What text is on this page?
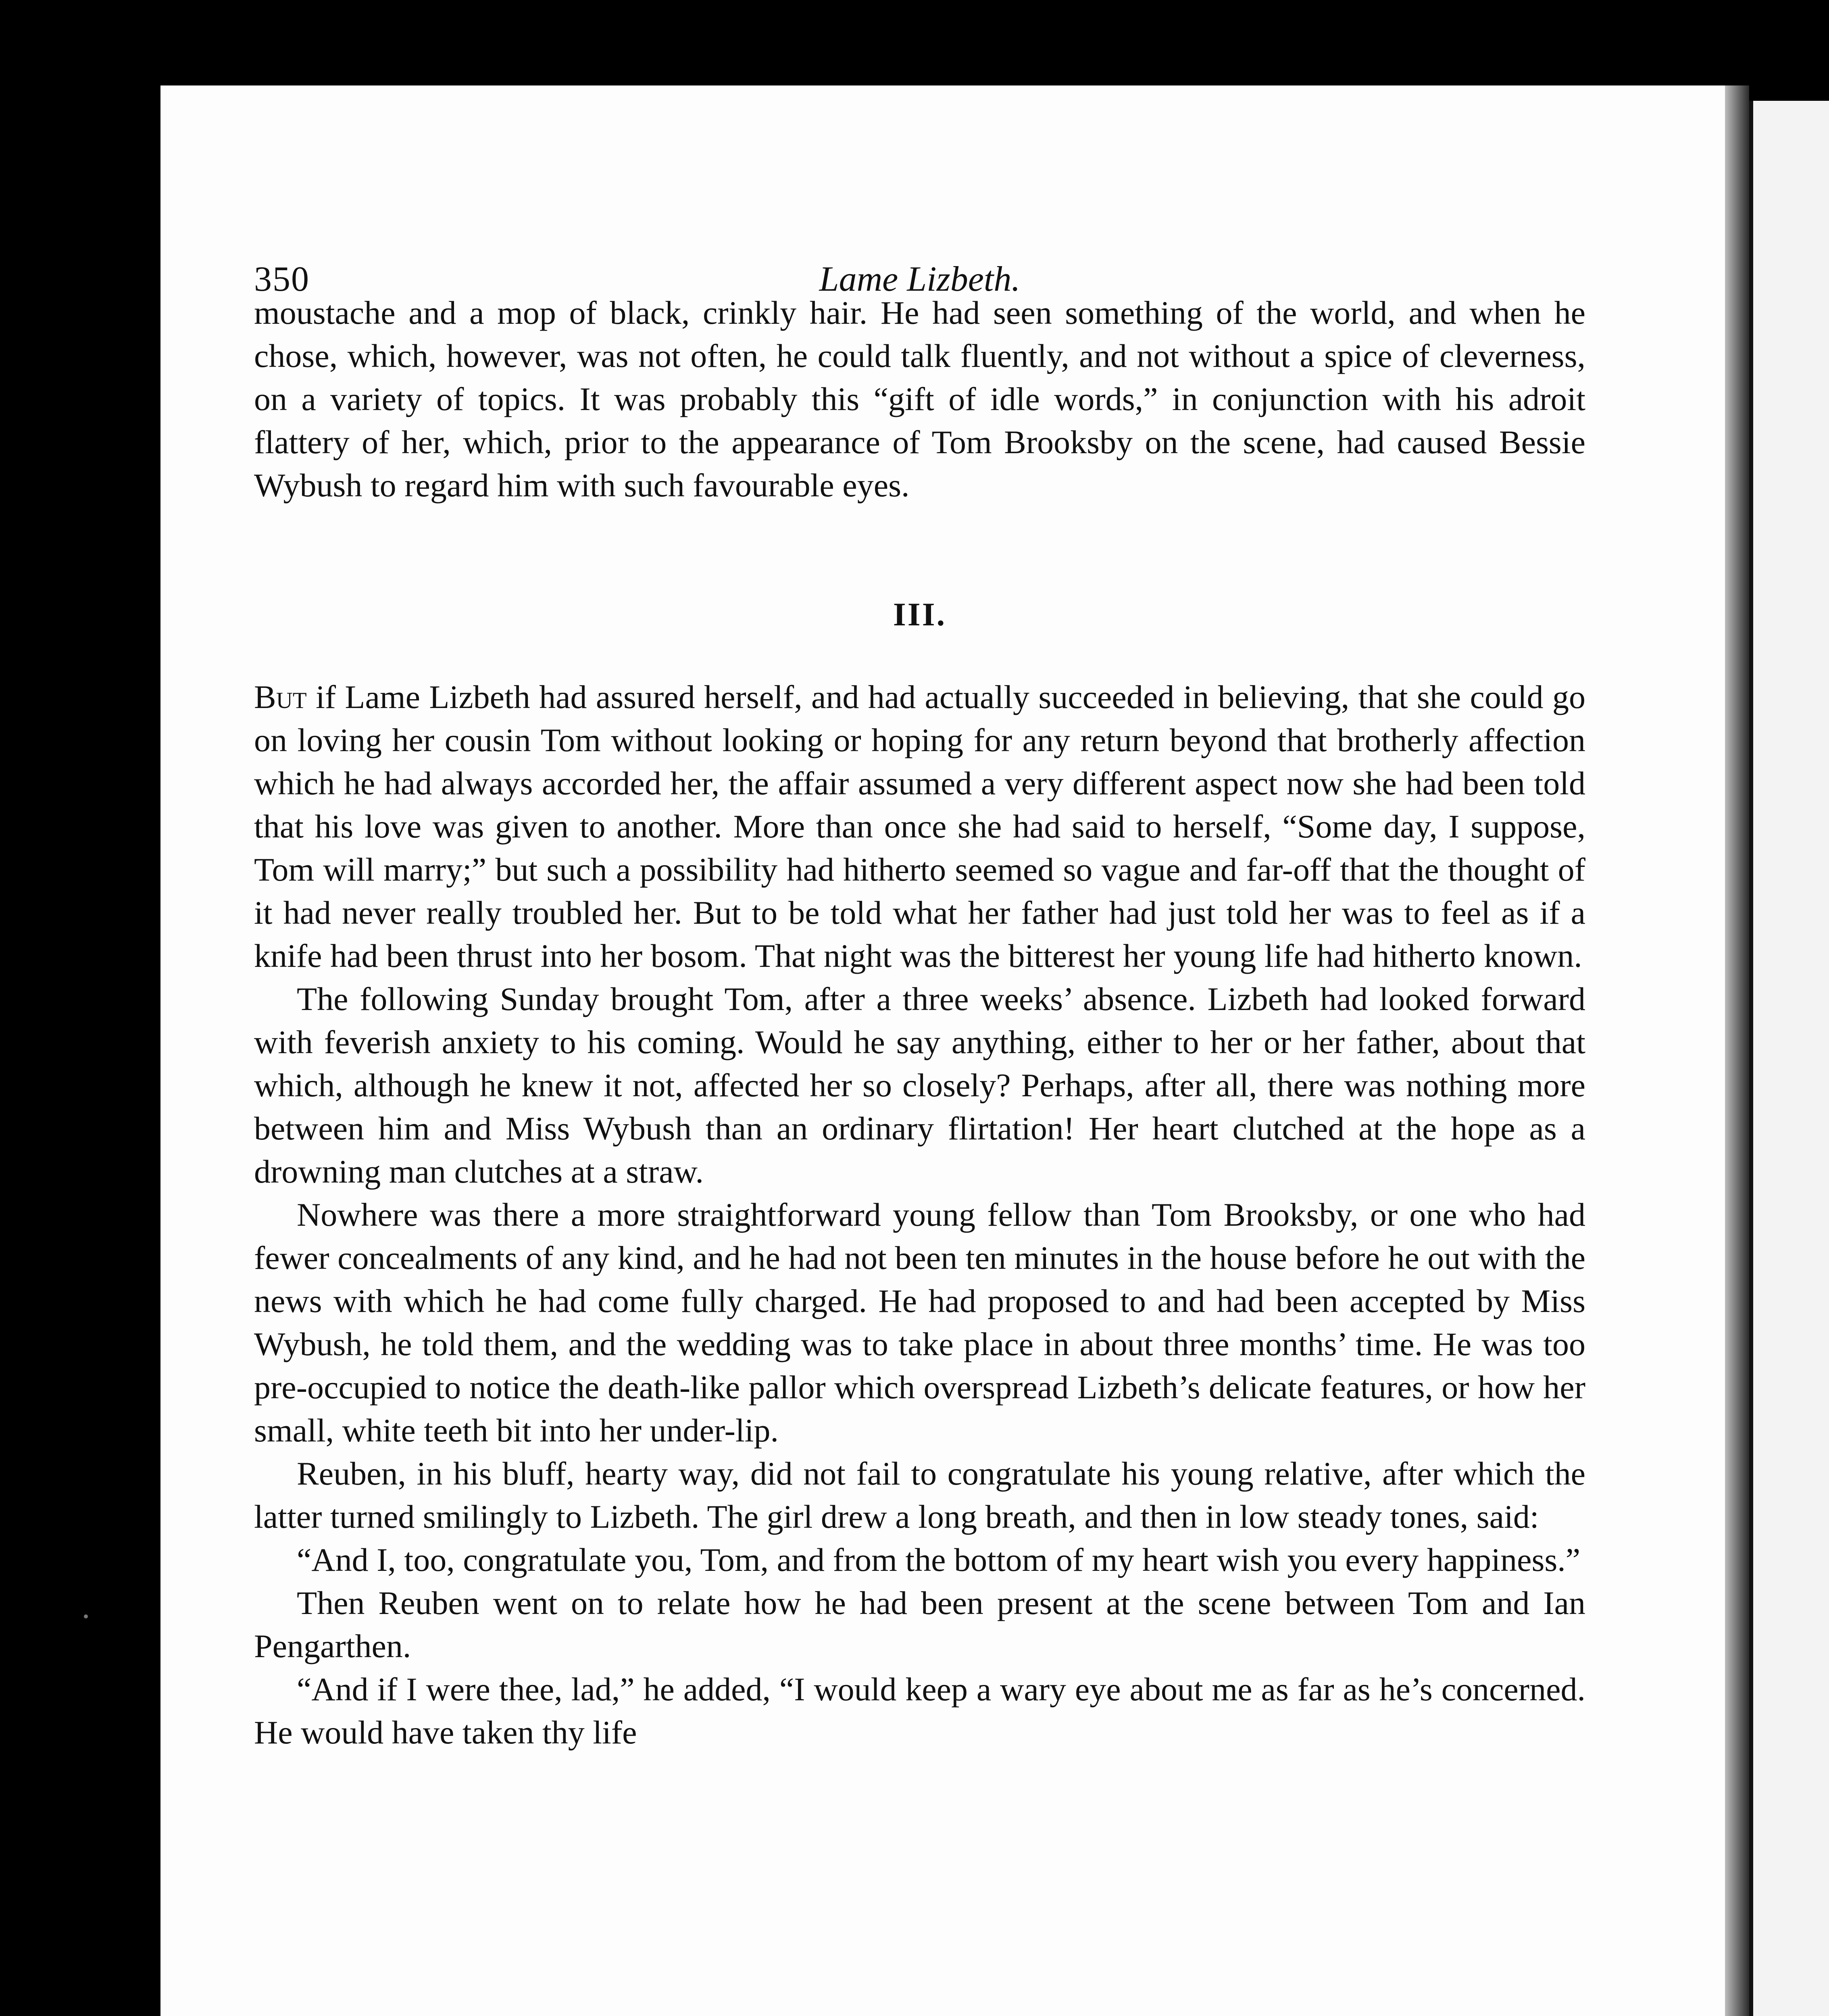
350	Lame Lizbeth.

moustache and a mop of black, crinkly hair. He had seen something of the world, and when he chose, which, however, was not often, he could talk fluently, and not without a spice of cleverness, on a variety of topics. It was probably this “gift of idle words,” in conjunction with his adroit flattery of her, which, prior to the appearance of Tom Brooksby on the scene, had caused Bessie Wybush to regard him with such favourable eyes.

III.

But if Lame Lizbeth had assured herself, and had actually succeeded in believing, that she could go on loving her cousin Tom without looking or hoping for any return beyond that brotherly affection which he had always accorded her, the affair assumed a very different aspect now she had been told that his love was given to another. More than once she had said to herself, “Some day, I suppose, Tom will marry;” but such a possibility had hitherto seemed so vague and far-off that the thought of it had never really troubled her. But to be told what her father had just told her was to feel as if a knife had been thrust into her bosom. That night was the bitterest her young life had hitherto known.

The following Sunday brought Tom, after a three weeks’ absence. Lizbeth had looked forward with feverish anxiety to his coming. Would he say anything, either to her or her father, about that which, although he knew it not, affected her so closely? Perhaps, after all, there was nothing more between him and Miss Wybush than an ordinary flirtation! Her heart clutched at the hope as a drowning man clutches at a straw.

Nowhere was there a more straightforward young fellow than Tom Brooksby, or one who had fewer concealments of any kind, and he had not been ten minutes in the house before he out with the news with which he had come fully charged. He had proposed to and had been accepted by Miss Wybush, he told them, and the wedding was to take place in about three months’ time. He was too pre-occupied to notice the death-like pallor which overspread Lizbeth’s delicate features, or how her small, white teeth bit into her under-lip.

Reuben, in his bluff, hearty way, did not fail to congratulate his young relative, after which the latter turned smilingly to Lizbeth. The girl drew a long breath, and then in low steady tones, said:

“And I, too, congratulate you, Tom, and from the bottom of my heart wish you every happiness.”

Then Reuben went on to relate how he had been present at the scene between Tom and Ian Pengarthen.

“And if I were thee, lad,” he added, “I would keep a wary eye about me as far as he’s concerned. He would have taken thy life
